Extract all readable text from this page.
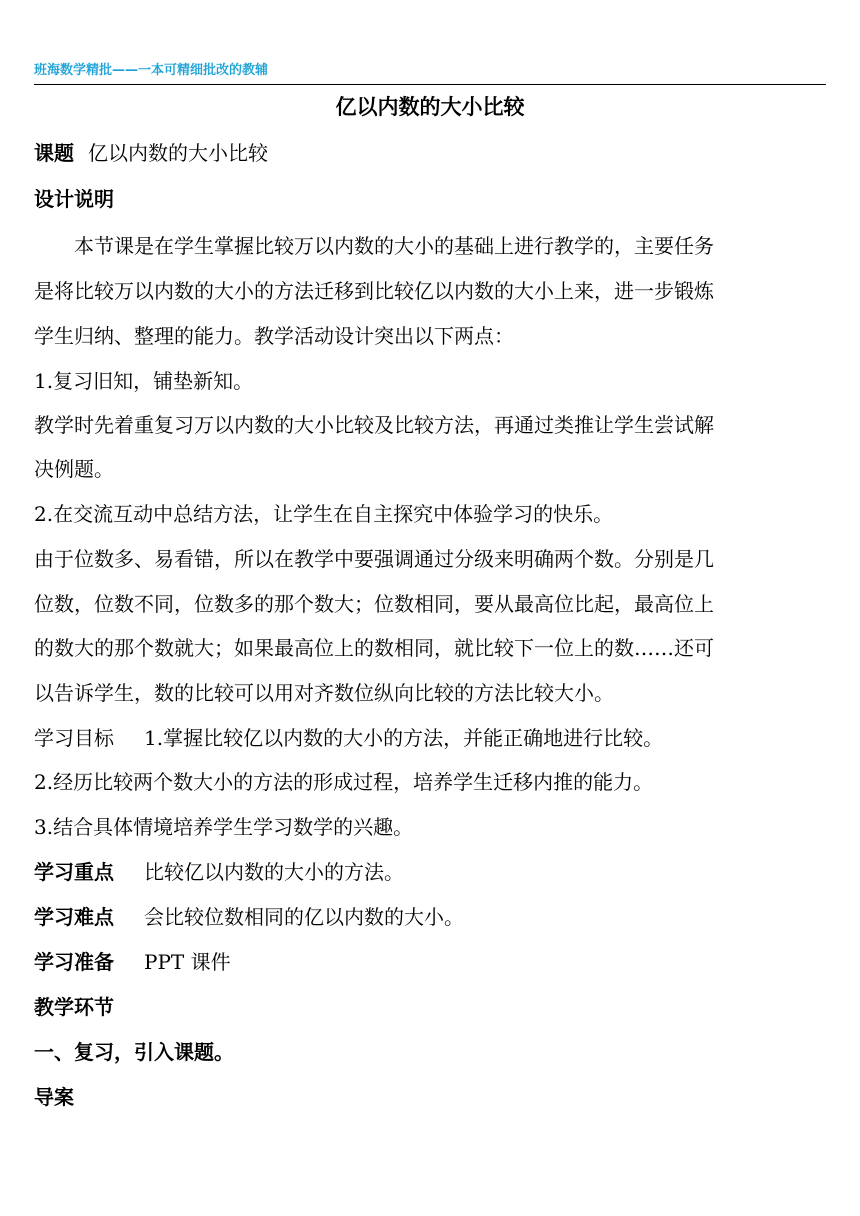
班海数学精批——一本可精细批改的教辅
亿以内数的大小比较
课题 亿以内数的大小比较
设计说明
本节课是在学生掌握比较万以内数的大小的基础上进行教学的，主要任务
是将比较万以内数的大小的方法迁移到比较亿以内数的大小上来，进一步锻炼
学生归纳、整理的能力。教学活动设计突出以下两点：
1.复习旧知，铺垫新知。
教学时先着重复习万以内数的大小比较及比较方法，再通过类推让学生尝试解
决例题。
2.在交流互动中总结方法，让学生在自主探究中体验学习的快乐。
由于位数多、易看错，所以在教学中要强调通过分级来明确两个数。分别是几
位数，位数不同，位数多的那个数大；位数相同，要从最高位比起，最高位上
的数大的那个数就大；如果最高位上的数相同，就比较下一位上的数……还可
以告诉学生，数的比较可以用对齐数位纵向比较的方法比较大小。
学习目标 1.掌握比较亿以内数的大小的方法，并能正确地进行比较。
2.经历比较两个数大小的方法的形成过程，培养学生迁移内推的能力。
3.结合具体情境培养学生学习数学的兴趣。
学习重点 比较亿以内数的大小的方法。
学习难点 会比较位数相同的亿以内数的大小。
学习准备 PPT 课件
教学环节
一、复习，引入课题。
导案
